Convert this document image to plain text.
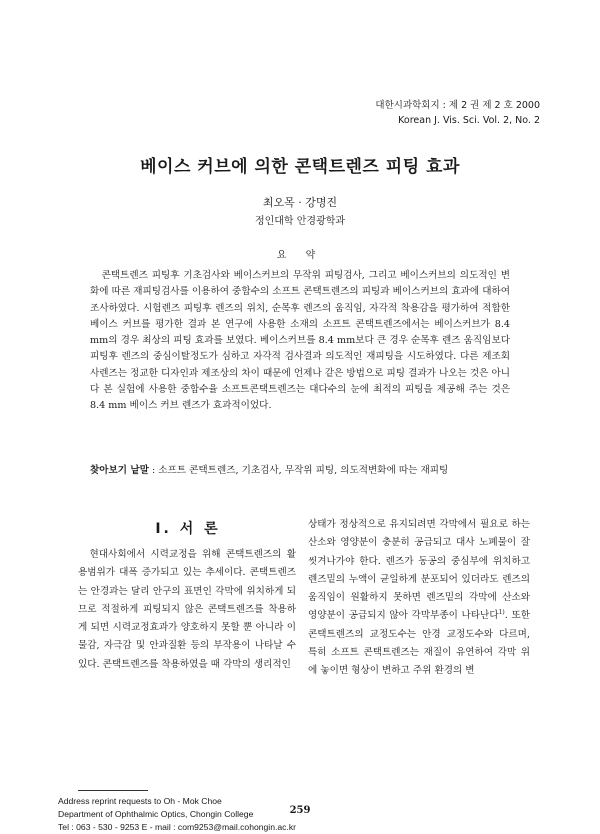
대한시과학회지 : 제 2 권 제 2 호 2000
Korean J. Vis. Sci. Vol. 2, No. 2
베이스 커브에 의한 콘택트렌즈 피팅 효과
최오목 · 강명진
정인대학 안경광학과
요 약

콘택트렌즈 피팅후 기초검사와 베이스커브의 무작위 피팅검사, 그리고 베이스커브의 의도적인 변화에 따른 재피팅검사를 이용하여 중합수의 소프트 콘택트렌즈의 피팅과 베이스커브의 효과에 대하여 조사하였다. 시험렌즈 피팅후 렌즈의 위치, 순목후 렌즈의 움직임, 자각적 착용감을 평가하여 적합한 베이스 커브를 평가한 결과 본 연구에 사용한 소재의 소프트 콘택트렌즈에서는 베이스커브가 8.4 mm의 경우 최상의 피팅 효과를 보였다. 베이스커브를 8.4 mm보다 큰 경우 순목후 렌즈 움직임보다 피팅후 렌즈의 중심이탈정도가 심하고 자각적 검사결과 의도적인 재피팅을 시도하였다. 다른 제조회사렌즈는 정교한 디자인과 제조상의 차이 때문에 언제나 같은 방법으로 피팅 결과가 나오는 것은 아니다 본 실험에 사용한 중합수율 소프트콘택트렌즈는 대다수의 눈에 최적의 피팅을 제공해 주는 것은 8.4 mm 베이스 커브 렌즈가 효과적이었다.

찾아보기 낱말 : 소프트 콘택트렌즈, 기초검사, 무작위 피팅, 의도적변화에 따는 재피팅

I. 서 론

현대사회에서 시력교정을 위해 콘택트렌즈의 활용범위가 대폭 증가되고 있는 추세이다. 콘택트렌즈는 안경과는 달리 안구의 표면인 각막에 위치하게 되므로 적절하게 피팅되지 않은 콘택트렌즈를 착용하게 되면 시력교정효과가 양호하지 못할 뿐 아니라 이물감, 자극감 및 안과질환 등의 부작용이 나타날 수 있다. 콘택트렌즈를 착용하였을 때 각막의 생리적인

상태가 정상적으로 유지되려면 각막에서 필요로 하는 산소와 영양분이 충분히 공급되고 대사 노폐물이 잘 씻겨나가야 한다. 렌즈가 동공의 중심부에 위치하고 렌즈밑의 누액이 균일하게 분포되어 있더라도 렌즈의 움직임이 원활하지 못하면 렌즈밑의 각막에 산소와 영양분이 공급되지 않아 각막부종이 나타난다$^{1)}$. 또한 콘택트렌즈의 교정도수는 안경 교정도수와 다르며, 특히 소프트 콘택트렌즈는 재질이 유연하여 각막 위에 놓이면 형상이 변하고 주위 환경의 변

Address reprint requests to Oh - Mok Choe
Department of Ophthalmic Optics, Chongin College
Tel : 063 - 530 - 9253 E - mail : com9253@mail.cohongin.ac.kr
259
